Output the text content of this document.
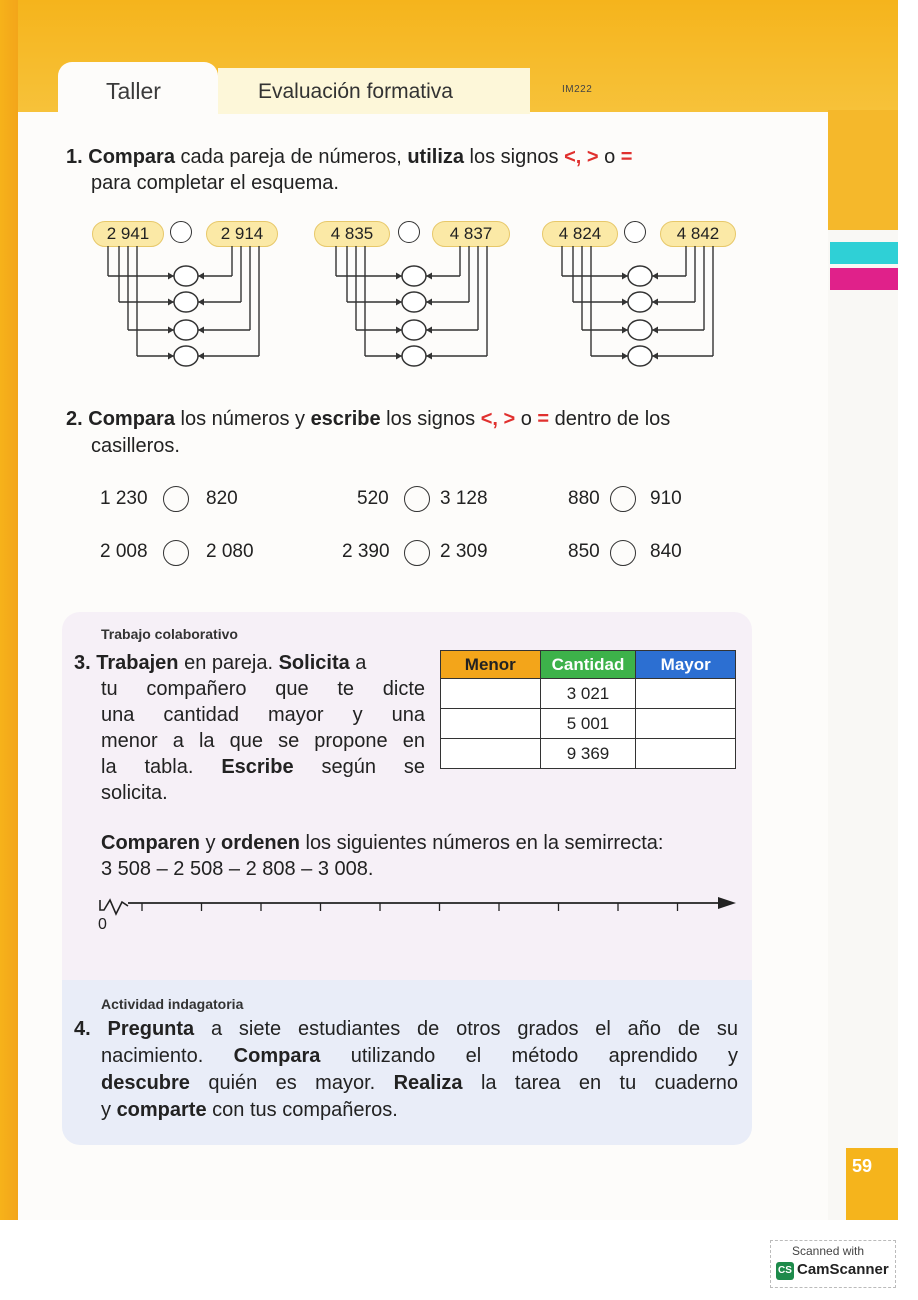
Taller	Evaluación formativa	IM222
1. Compara cada pareja de números, utiliza los signos <, > o =
para completar el esquema.
2 941	2 914	4 835	4 837	4 824	4 842
2. Compara los números y escribe los signos <, > o = dentro de los
casilleros.
1 230	820	520	3 128	880	910
2 008	2 080	2 390	2 309	850	840
Trabajo colaborativo
3. Trabajen en pareja. Solicita a
tu compañero que te dicte
una cantidad mayor y una
menor a la que se propone en
la tabla. Escribe según se
solicita.
Menor	Cantidad	Mayor
	3 021	
	5 001	
	9 369	
Comparen y ordenen los siguientes números en la semirrecta:
3 508 – 2 508 – 2 808 – 3 008.
0
Actividad indagatoria
4. Pregunta a siete estudiantes de otros grados el año de su
nacimiento. Compara utilizando el método aprendido y
descubre quién es mayor. Realiza la tarea en tu cuaderno
y comparte con tus compañeros.
59
Scanned with
CS CamScanner
